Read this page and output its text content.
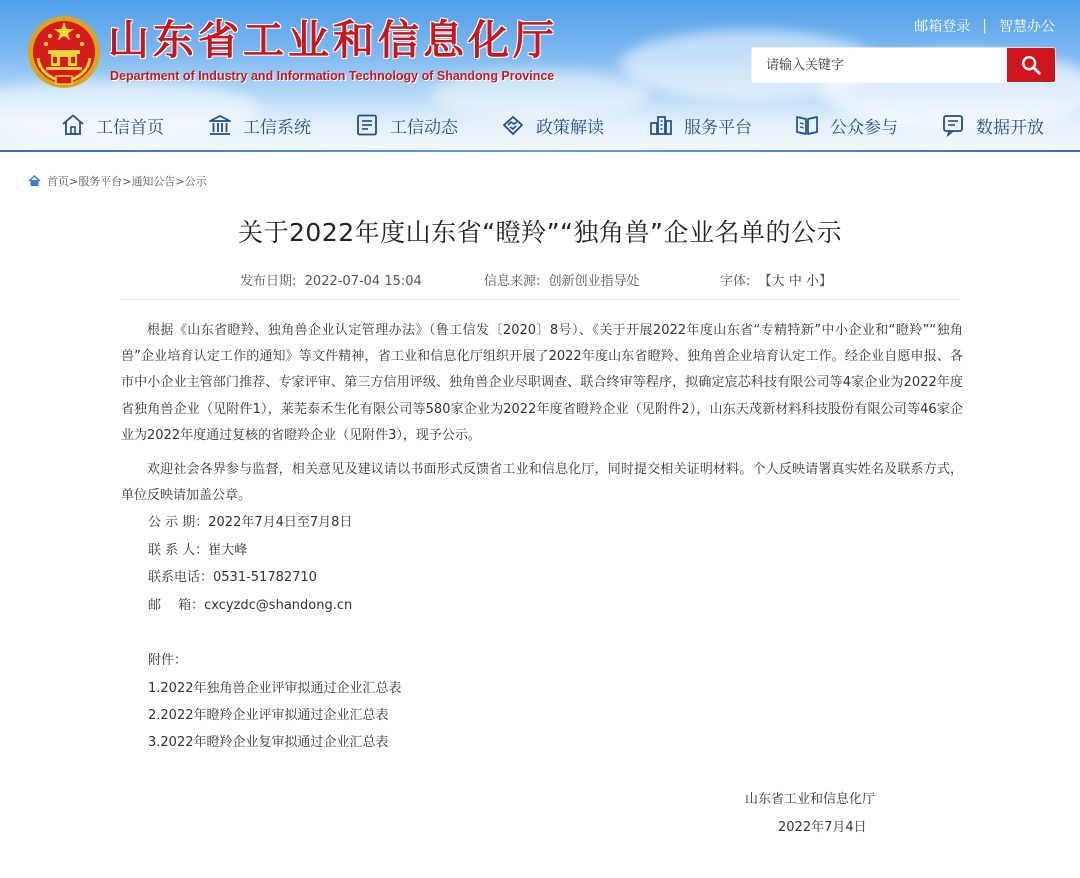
山东省工业和信息化厅
Department of Industry and Information Technology of Shandong Province
邮箱登录 | 智慧办公
请输入关键字
工信首页	工信系统	工信动态	政策解读	服务平台	公众参与	数据开放
首页>服务平台>通知公告>公示
关于2022年度山东省“瞪羚”“独角兽”企业名单的公示
发布日期: 2022-07-04 15:04	信息来源: 创新创业指导处	字体: 【大 中 小】
根据《山东省瞪羚、独角兽企业认定管理办法》（鲁工信发〔2020〕8号）、《关于开展2022年度山东省“专精特新”中小企业和“瞪羚”“独角兽”企业培育认定工作的通知》等文件精神，省工业和信息化厅组织开展了2022年度山东省瞪羚、独角兽企业培育认定工作。经企业自愿申报、各市中小企业主管部门推荐、专家评审、第三方信用评级、独角兽企业尽职调查、联合终审等程序，拟确定宸芯科技有限公司等4家企业为2022年度省独角兽企业（见附件1），莱芜泰禾生化有限公司等580家企业为2022年度省瞪羚企业（见附件2），山东天茂新材料科技股份有限公司等46家企业为2022年度通过复核的省瞪羚企业（见附件3），现予公示。
欢迎社会各界参与监督，相关意见及建议请以书面形式反馈省工业和信息化厅，同时提交相关证明材料。个人反映请署真实姓名及联系方式，单位反映请加盖公章。
公 示 期：2022年7月4日至7月8日
联 系 人：崔大峰
联系电话：0531-51782710
邮　 箱：cxcyzdc@shandong.cn
附件：
1.2022年独角兽企业评审拟通过企业汇总表
2.2022年瞪羚企业评审拟通过企业汇总表
3.2022年瞪羚企业复审拟通过企业汇总表
山东省工业和信息化厅
2022年7月4日
